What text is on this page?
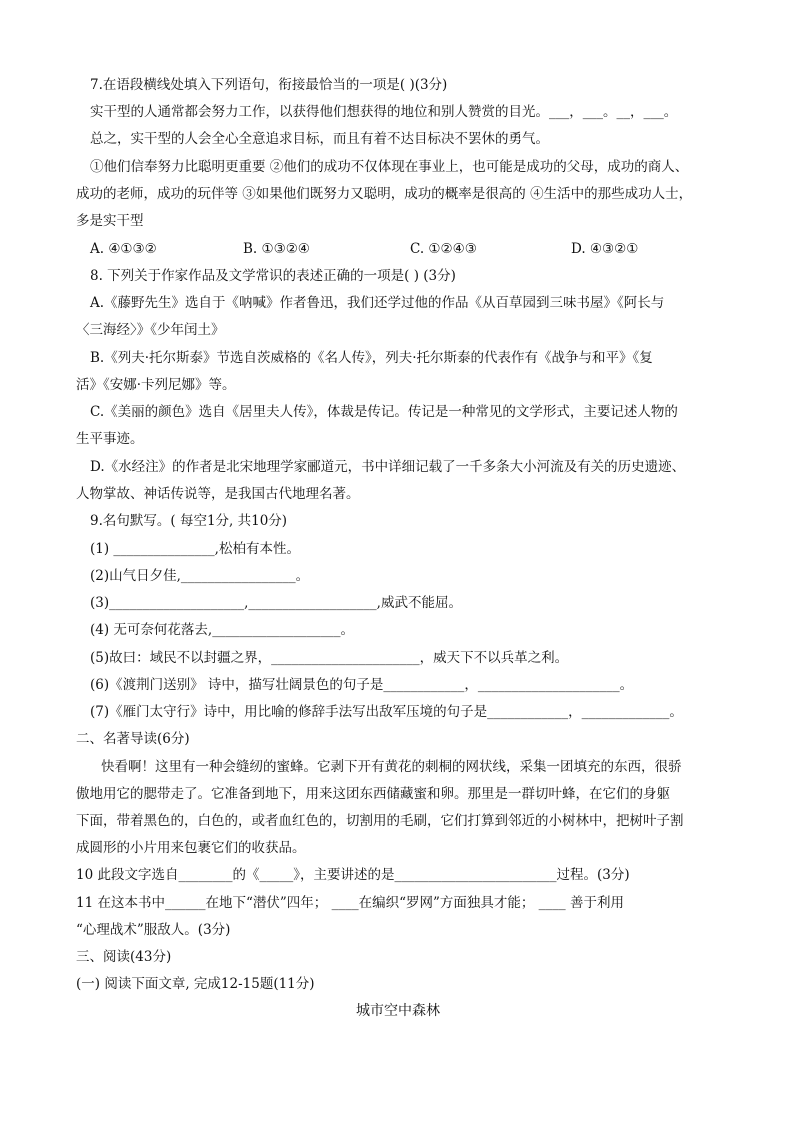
7.在语段横线处填入下列语句，衔接最恰当的一项是( )(3分)
实干型的人通常都会努力工作，以获得他们想获得的地位和别人赞赏的目光。___，___。__，___。
总之，实干型的人会全心全意追求目标，而且有着不达目标决不罢休的勇气。
①他们信奉努力比聪明更重要 ②他们的成功不仅体现在事业上，也可能是成功的父母，成功的商人、
成功的老师，成功的玩伴等 ③如果他们既努力又聪明，成功的概率是很高的 ④生活中的那些成功人士，
多是实干型
A. ④①③②	B. ①③②④	C. ①②④③	D. ④③②①
8. 下列关于作家作品及文学常识的表述正确的一项是( ) (3分)
A.《藤野先生》选自于《呐喊》作者鲁迅，我们还学过他的作品《从百草园到三味书屋》《阿长与
〈三海经〉》《少年闰土》
B.《列夫·托尔斯泰》节选自茨威格的《名人传》，列夫·托尔斯泰的代表作有《战争与和平》《复
活》《安娜·卡列尼娜》等。
C.《美丽的颜色》选自《居里夫人传》，体裁是传记。传记是一种常见的文学形式，主要记述人物的
生平事迹。
D.《水经注》的作者是北宋地理学家郦道元，书中详细记载了一千多条大小河流及有关的历史遗迹、
人物掌故、神话传说等，是我国古代地理名著。
9.名句默写。( 每空1分, 共10分)
(1) _______________,松柏有本性。
(2)山气日夕佳,_________________。
(3)____________________,___________________,威武不能屈。
(4) 无可奈何花落去,___________________。
(5)故曰：域民不以封疆之界，______________________，威天下不以兵革之利。
(6)《渡荆门送别》 诗中，描写壮阔景色的句子是____________，_____________________。
(7)《雁门太守行》诗中，用比喻的修辞手法写出敌军压境的句子是____________，_____________。
二、名著导读(6分)
快看啊！这里有一种会缝纫的蜜蜂。它剥下开有黄花的刺桐的网状线，采集一团填充的东西，很骄
傲地用它的腮带走了。它准备到地下，用来这团东西储藏蜜和卵。那里是一群切叶蜂，在它们的身躯
下面，带着黑色的，白色的，或者血红色的，切割用的毛刷，它们打算到邻近的小树林中，把树叶子割
成圆形的小片用来包裹它们的收获品。
10 此段文字选自________的《_____》，主要讲述的是________________________过程。(3分)
11 在这本书中______在地下“潜伏”四年； ____在编织“罗网”方面独具才能； ____ 善于利用
“心理战术”服敌人。(3分)
三、阅读(43分)
(一) 阅读下面文章, 完成12-15题(11分)
城市空中森林
